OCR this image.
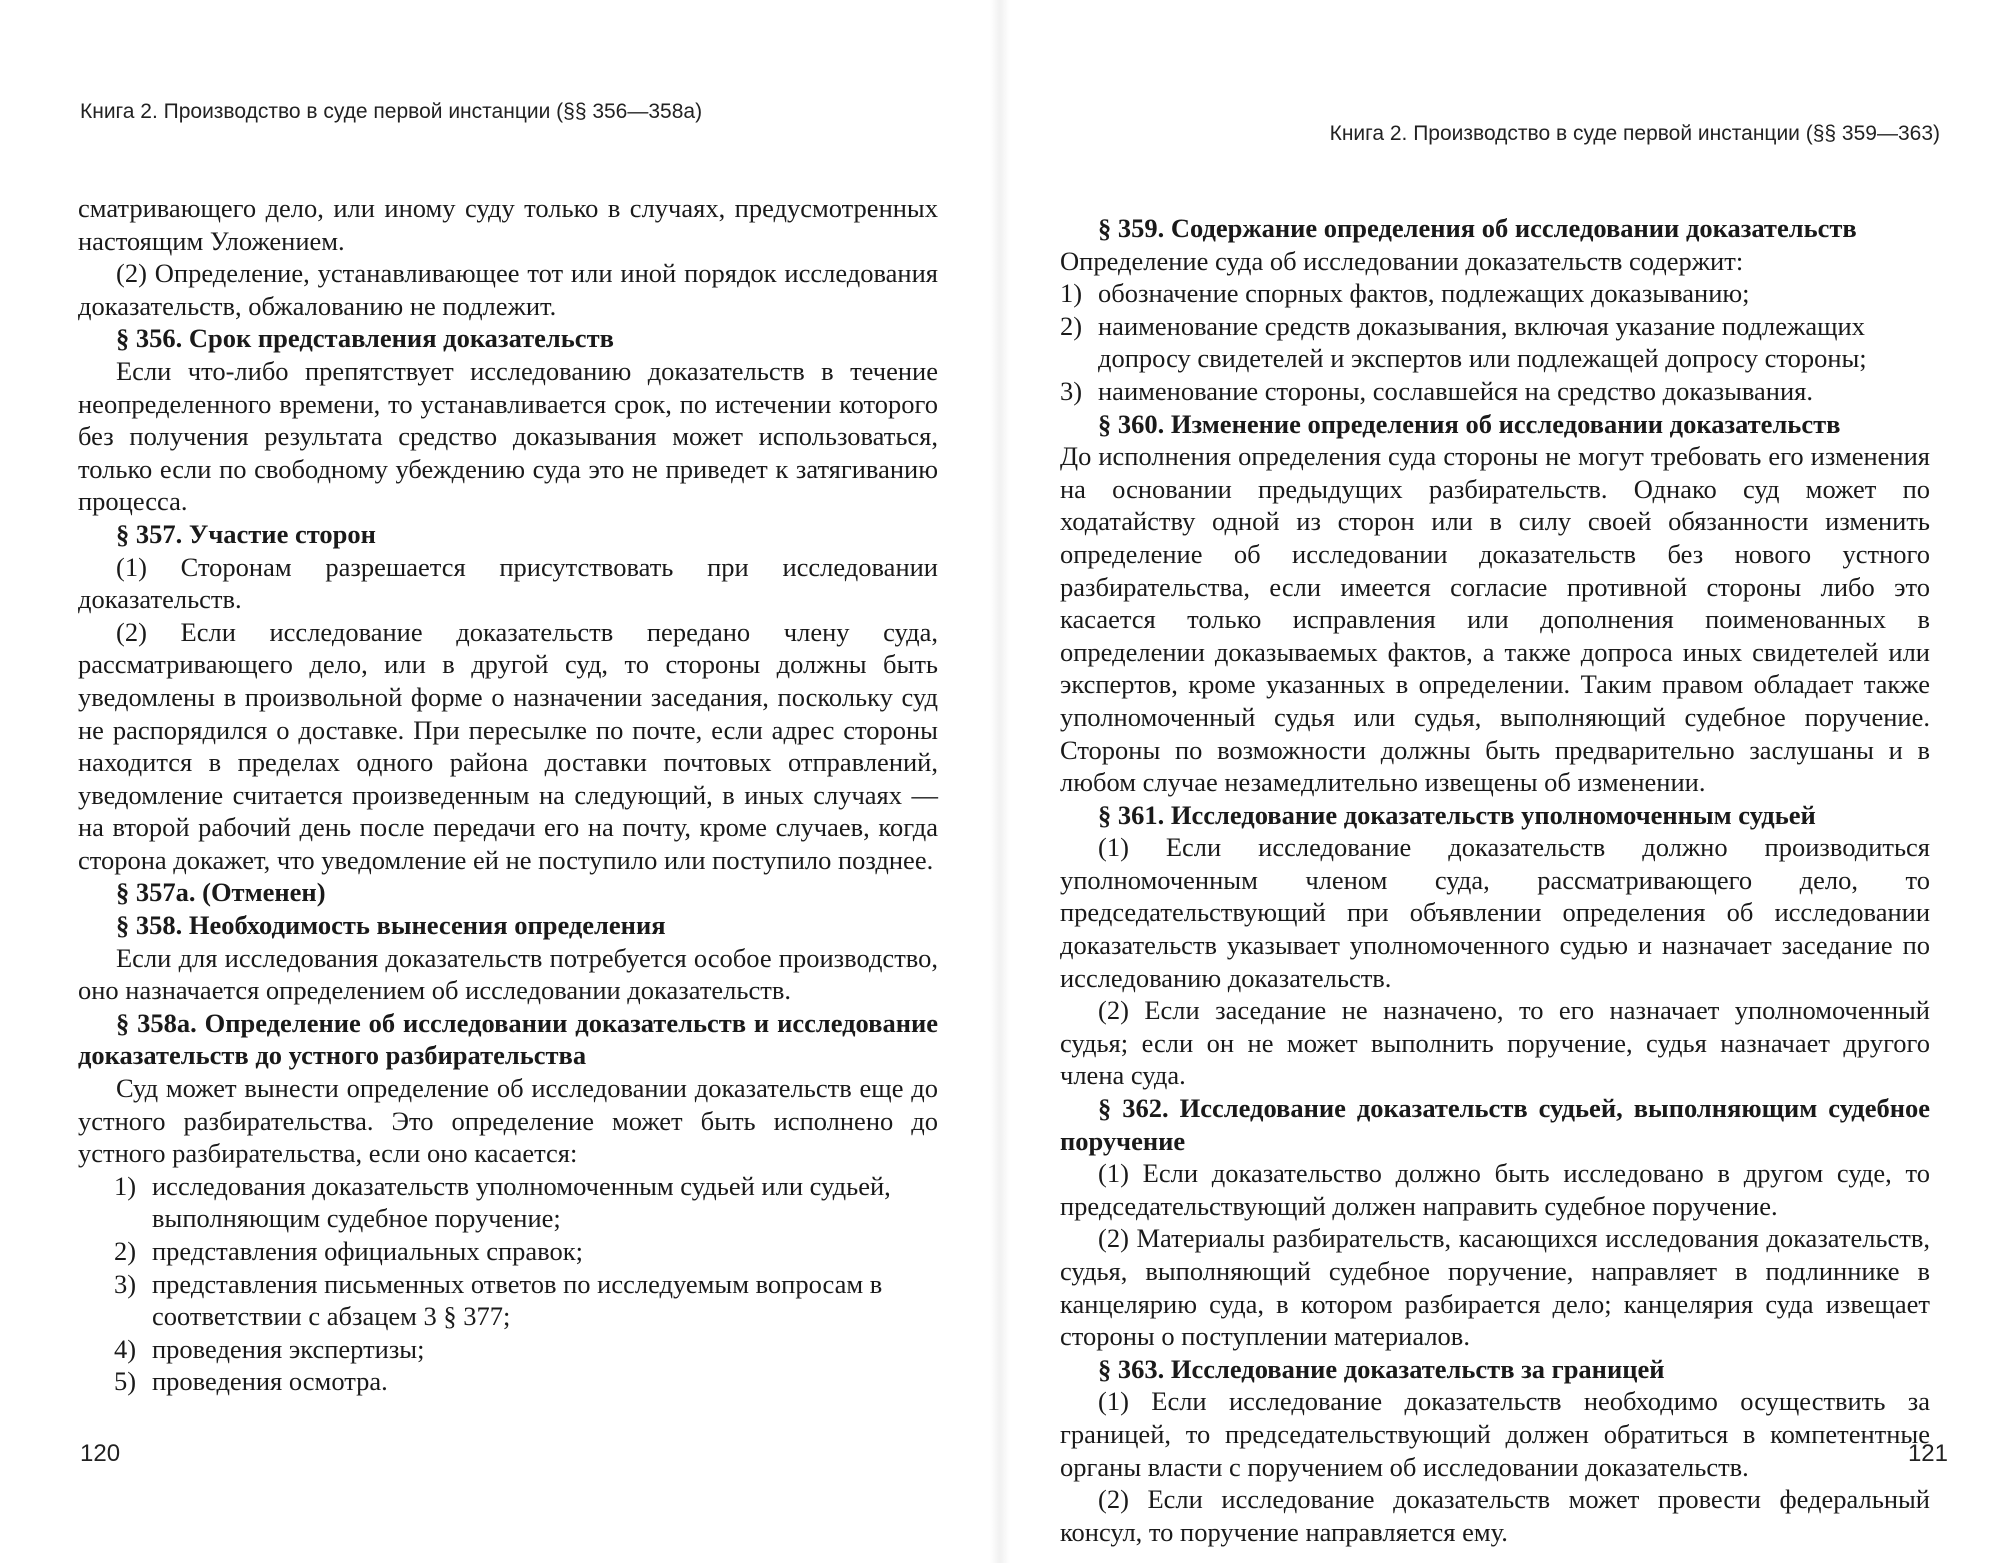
Книга 2. Производство в суде первой инстанции (§§ 356—358а)

сматривающего дело, или иному суду только в случаях, предусмотренных настоящим Уложением.

(2) Определение, устанавливающее тот или иной порядок исследования доказательств, обжалованию не подлежит.

§ 356. Срок представления доказательств

Если что-либо препятствует исследованию доказательств в течение неопределенного времени, то устанавливается срок, по истечении которого без получения результата средство доказывания может использоваться, только если по свободному убеждению суда это не приведет к затягиванию процесса.

§ 357. Участие сторон

(1) Сторонам разрешается присутствовать при исследовании доказательств.

(2) Если исследование доказательств передано члену суда, рассматривающего дело, или в другой суд, то стороны должны быть уведомлены в произвольной форме о назначении заседания, поскольку суд не распорядился о доставке. При пересылке по почте, если адрес стороны находится в пределах одного района доставки почтовых отправлений, уведомление считается произведенным на следующий, в иных случаях — на второй рабочий день после передачи его на почту, кроме случаев, когда сторона докажет, что уведомление ей не поступило или поступило позднее.

§ 357а. (Отменен)

§ 358. Необходимость вынесения определения

Если для исследования доказательств потребуется особое производство, оно назначается определением об исследовании доказательств.

§ 358а. Определение об исследовании доказательств и исследование доказательств до устного разбирательства

Суд может вынести определение об исследовании доказательств еще до устного разбирательства. Это определение может быть исполнено до устного разбирательства, если оно касается:

1) исследования доказательств уполномоченным судьей или судьей, выполняющим судебное поручение;
2) представления официальных справок;
3) представления письменных ответов по исследуемым вопросам в соответствии с абзацем 3 § 377;
4) проведения экспертизы;
5) проведения осмотра.
120
Книга 2. Производство в суде первой инстанции (§§ 359—363)

§ 359. Содержание определения об исследовании доказательств

Определение суда об исследовании доказательств содержит:

1) обозначение спорных фактов, подлежащих доказыванию;
2) наименование средств доказывания, включая указание подлежащих допросу свидетелей и экспертов или подлежащей допросу стороны;
3) наименование стороны, сославшейся на средство доказывания.

§ 360. Изменение определения об исследовании доказательств

До исполнения определения суда стороны не могут требовать его изменения на основании предыдущих разбирательств. Однако суд может по ходатайству одной из сторон или в силу своей обязанности изменить определение об исследовании доказательств без нового устного разбирательства, если имеется согласие противной стороны либо это касается только исправления или дополнения поименованных в определении доказываемых фактов, а также допроса иных свидетелей или экспертов, кроме указанных в определении. Таким правом обладает также уполномоченный судья или судья, выполняющий судебное поручение. Стороны по возможности должны быть предварительно заслушаны и в любом случае незамедлительно извещены об изменении.

§ 361. Исследование доказательств уполномоченным судьей

(1) Если исследование доказательств должно производиться уполномоченным членом суда, рассматривающего дело, то председательствующий при объявлении определения об исследовании доказательств указывает уполномоченного судью и назначает заседание по исследованию доказательств.

(2) Если заседание не назначено, то его назначает уполномоченный судья; если он не может выполнить поручение, судья назначает другого члена суда.

§ 362. Исследование доказательств судьей, выполняющим судебное поручение

(1) Если доказательство должно быть исследовано в другом суде, то председательствующий должен направить судебное поручение.

(2) Материалы разбирательств, касающихся исследования доказательств, судья, выполняющий судебное поручение, направляет в подлиннике в канцелярию суда, в котором разбирается дело; канцелярия суда извещает стороны о поступлении материалов.

§ 363. Исследование доказательств за границей

(1) Если исследование доказательств необходимо осуществить за границей, то председательствующий должен обратиться в компетентные органы власти с поручением об исследовании доказательств.

(2) Если исследование доказательств может провести федеральный консул, то поручение направляется ему.

121
